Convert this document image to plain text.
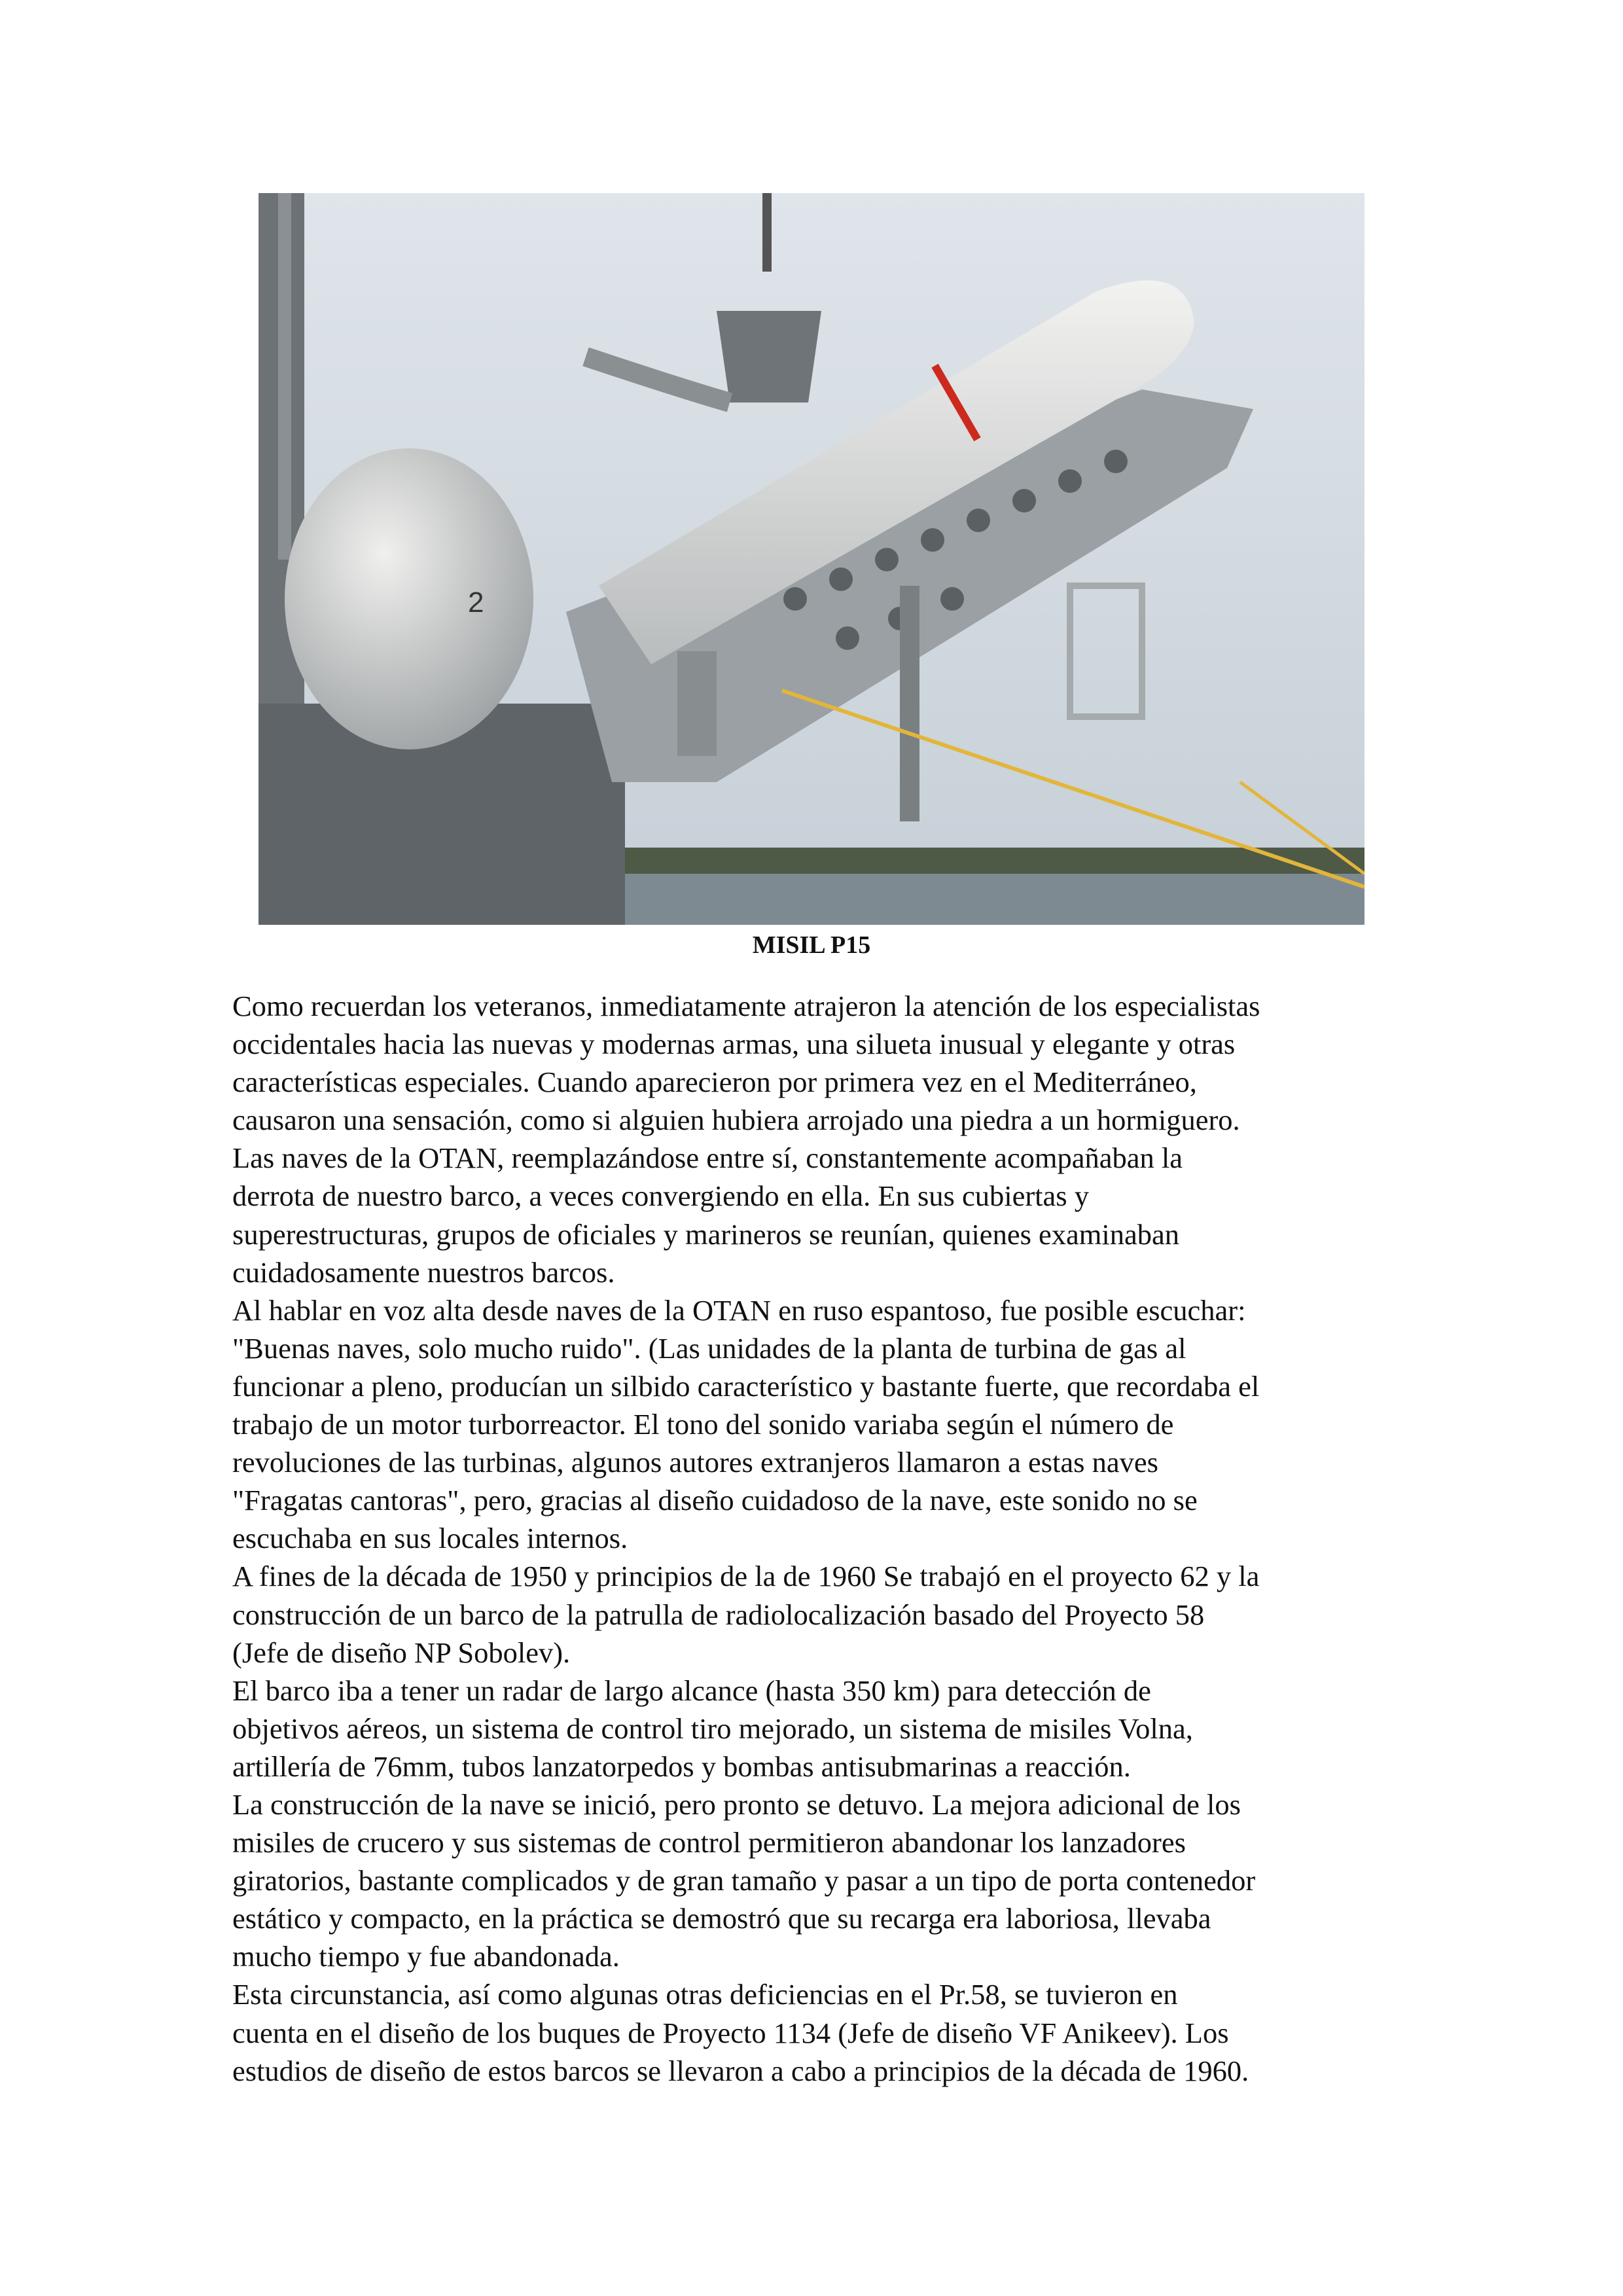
2
MISIL P15
Como recuerdan los veteranos, inmediatamente atrajeron la atención de los especialistas
occidentales hacia las nuevas y modernas armas, una silueta inusual y elegante y otras
características especiales. Cuando aparecieron por primera vez en el Mediterráneo,
causaron una sensación, como si alguien hubiera arrojado una piedra a un hormiguero.
Las naves de la OTAN, reemplazándose entre sí, constantemente acompañaban la
derrota de nuestro barco, a veces convergiendo en ella. En sus cubiertas y
superestructuras, grupos de oficiales y marineros se reunían, quienes examinaban
cuidadosamente nuestros barcos.
Al hablar en voz alta desde naves de la OTAN en ruso espantoso, fue posible escuchar:
"Buenas naves, solo mucho ruido". (Las unidades de la planta de turbina de gas al
funcionar a pleno, producían un silbido característico y bastante fuerte, que recordaba el
trabajo de un motor turborreactor. El tono del sonido variaba según el número de
revoluciones de las turbinas, algunos autores extranjeros llamaron a estas naves
"Fragatas cantoras", pero, gracias al diseño cuidadoso de la nave, este sonido no se
escuchaba en sus locales internos.
A fines de la década de 1950 y principios de la de 1960 Se trabajó en el proyecto 62 y la
construcción de un barco de la patrulla de radiolocalización basado del Proyecto 58
(Jefe de diseño NP Sobolev).
El barco iba a tener un radar de largo alcance (hasta 350 km) para detección de
objetivos aéreos, un sistema de control tiro mejorado, un sistema de misiles Volna,
artillería de 76mm, tubos lanzatorpedos y bombas antisubmarinas a reacción.
La construcción de la nave se inició, pero pronto se detuvo. La mejora adicional de los
misiles de crucero y sus sistemas de control permitieron abandonar los lanzadores
giratorios, bastante complicados y de gran tamaño y pasar a un tipo de porta contenedor
estático y compacto, en la práctica se demostró que su recarga era laboriosa, llevaba
mucho tiempo y fue abandonada.
Esta circunstancia, así como algunas otras deficiencias en el Pr.58, se tuvieron en
cuenta en el diseño de los buques de Proyecto 1134 (Jefe de diseño VF Anikeev). Los
estudios de diseño de estos barcos se llevaron a cabo a principios de la década de 1960.
